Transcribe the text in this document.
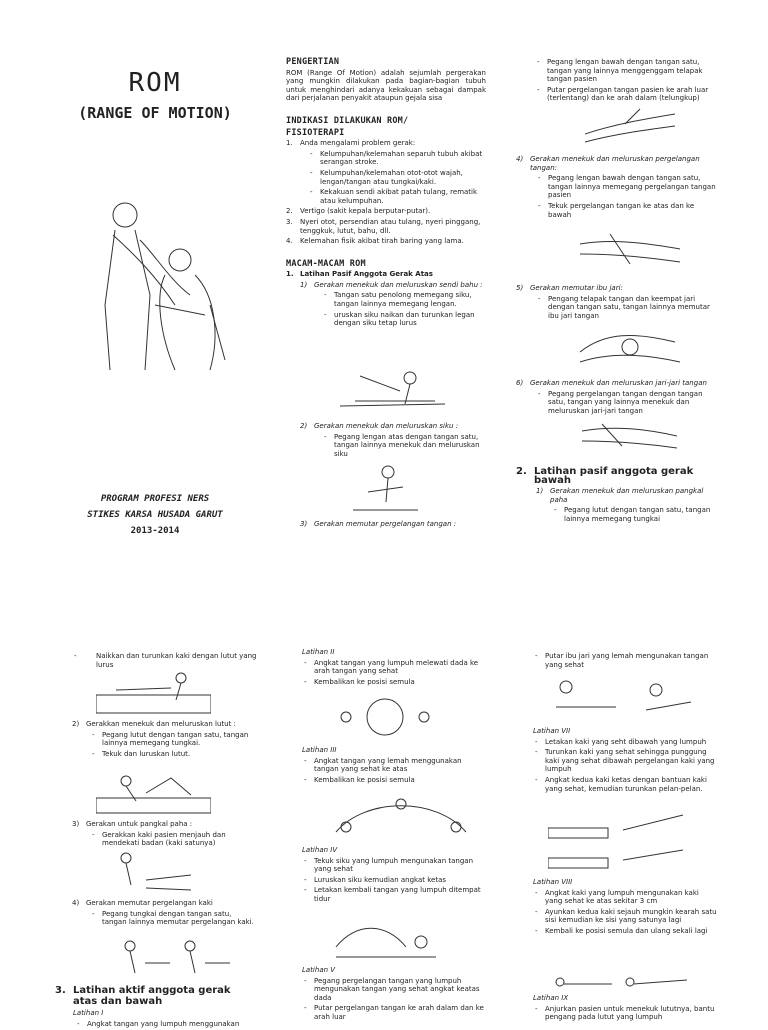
ROM
(RANGE OF MOTION)
PROGRAM PROFESI NERS
STIKES KARSA HUSADA GARUT
2013-2014
PENGERTIAN
ROM (Range Of Motion) adalah sejumlah pergerakan yang mungkin dilakukan pada bagian-bagian tubuh untuk menghindari adanya kekakuan sebagai dampak dari perjalanan penyakit ataupun gejala sisa
INDIKASI DILAKUKAN ROM/
FISIOTERAPI
1. Anda mengalami problem gerak:
- Kelumpuhan/kelemahan separuh tubuh akibat serangan stroke.
- Kelumpuhan/kelemahan otot-otot wajah, lengan/tangan atau tungkai/kaki.
- Kekakuan sendi akibat patah tulang, rematik atau kelumpuhan.
2. Vertigo (sakit kepala berputar-putar).
3. Nyeri otot, persendian atau tulang, nyeri pinggang, tenggkuk, lutut, bahu, dll.
4. Kelemahan fisik akibat tirah baring yang lama.
MACAM-MACAM ROM
1. Latihan Pasif Anggota Gerak Atas
1) Gerakan menekuk dan meluruskan sendi bahu :
- Tangan satu penolong memegang siku, tangan lainnya memegang lengan.
- uruskan siku naikan dan turunkan legan dengan siku tetap lurus
2) Gerakan menekuk dan meluruskan siku :
- Pegang lengan atas dengan tangan satu, tangan lainnya menekuk dan meluruskan siku
3) Gerakan memutar pergelangan tangan :
- Pegang lengan bawah dengan tangan satu, tangan yang lainnya menggenggam telapak tangan pasien
- Putar pergelangan tangan pasien ke arah luar (terlentang) dan ke arah dalam (telungkup)
4) Gerakan menekuk dan meluruskan pergelangan tangan:
- Pegang lengan bawah dengan tangan satu, tangan lainnya memegang pergelangan tangan pasien
- Tekuk pergelangan tangan ke atas dan ke bawah
5) Gerakan memutar ibu jari:
- Pengang telapak tangan dan keempat jari dengan tangan satu, tangan lainnya memutar ibu jari tangan
6) Gerakan menekuk dan meluruskan jari-jari tangan
- Pegang pergelangan tangan dengan tangan satu, tangan yang lainnya menekuk dan meluruskan jari-jari tangan
2. Latihan pasif anggota gerak bawah
1) Gerakan menekuk dan meluruskan pangkal paha
- Pegang lutut dengan tangan satu, tangan lainnya memegang tungkai
- Naikkan dan turunkan kaki dengan lutut yang lurus
2) Gerakkan menekuk dan meluruskan lutut :
- Pegang lutut dengan tangan satu, tangan lainnya memegang tungkai.
- Tekuk dan luruskan lutut.
3) Gerakan untuk pangkal paha :
- Gerakkan kaki pasien menjauh dan mendekati badan (kaki satunya)
4) Gerakan memutar pergelangan kaki
- Pegang tungkai dengan tangan satu, tangan lainnya memutar pergelangan kaki.
3. Latihan aktif anggota gerak atas dan bawah
Latihan I
- Angkat tangan yang lumpuh menggunakan
Latihan II
- Angkat tangan yang lumpuh melewati dada ke arah tangan yang sehat
- Kembalikan ke posisi semula
Latihan III
- Angkat tangan yang lemah menggunakan tangan yang sehat ke atas
- Kembalikan ke posisi semula
Latihan IV
- Tekuk siku yang lumpuh mengunakan tangan yang sehat
- Luruskan siku kemudian angkat ketas
- Letakan kembali tangan yang lumpuh ditempat tidur
Latihan V
- Pegang pergelangan tangan yang lumpuh mengunakan tangan yang sehat angkat keatas dada
- Putar pergelangan tangan ke arah dalam dan ke arah luar
- Putar ibu jari yang lemah mengunakan tangan yang sehat
Latihan VII
- Letakan kaki yang seht dibawah yang lumpuh
- Turunkan kaki yang sehat sehingga punggung kaki yang sehat dibawah pergelangan kaki yang lumpuh
- Angkat kedua kaki ketas dengan bantuan kaki yang sehat, kemudian turunkan pelan-pelan.
Latihan VIII
- Angkat kaki yang lumpuh mengunakan kaki yang sehat ke atas sekitar 3 cm
- Ayunkan kedua kaki sejauh mungkin kearah satu sisi kemudian ke sisi yang satunya lagi
- Kembali ke posisi semula dan ulang sekali lagi
Latihan IX
- Anjurkan pasien untuk menekuk lututnya, bantu pengang pada lutut yang lumpuh
